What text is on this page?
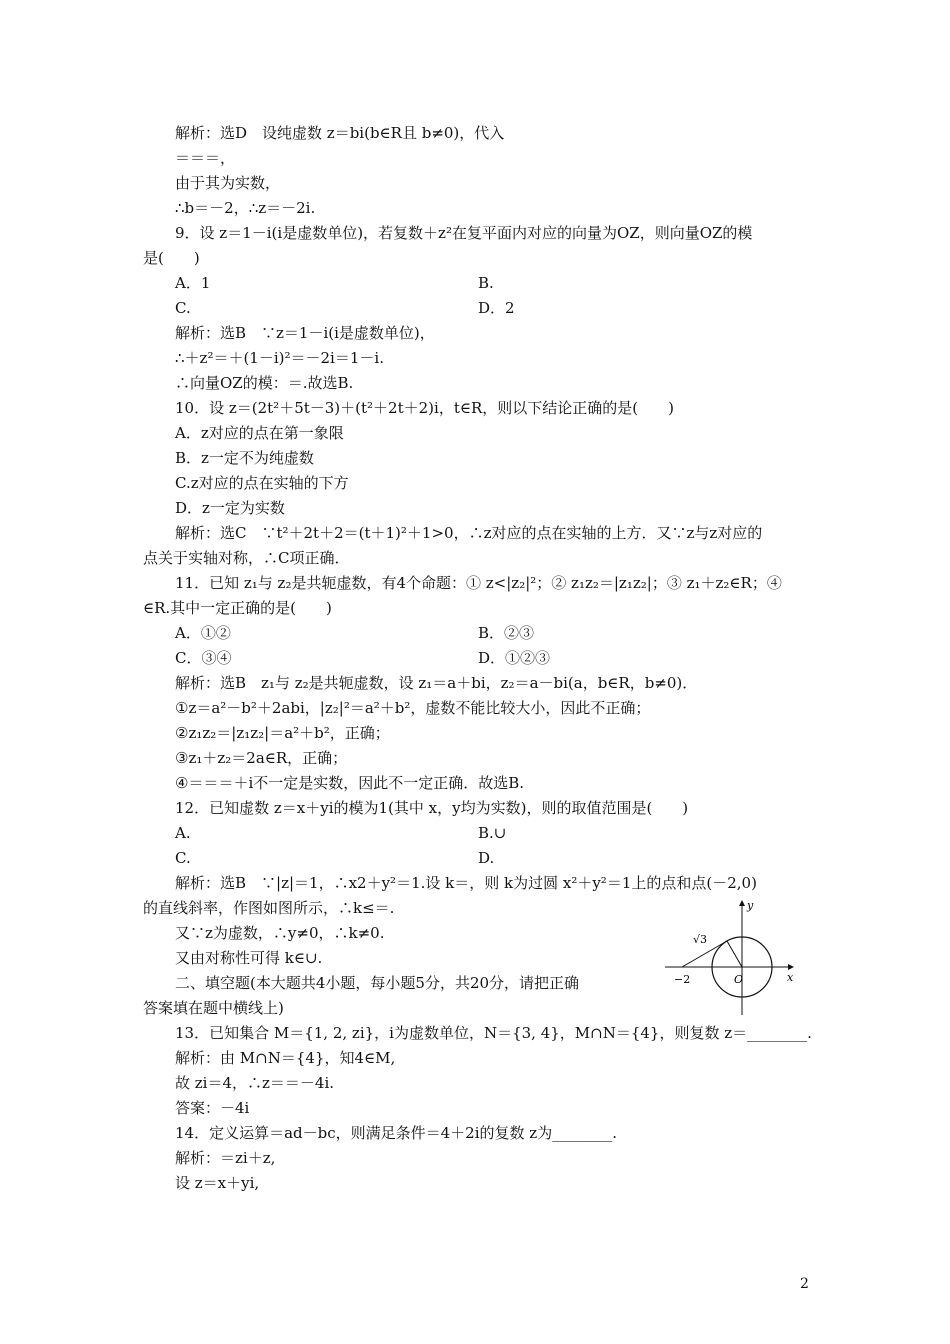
解析：选D　设纯虚数 z＝bi(b∈R且 b≠0)，代入
＝＝＝，
由于其为实数，
∴b＝－2，∴z＝－2i.
9．设 z＝1－i(i是虚数单位)，若复数＋z²在复平面内对应的向量为OZ，则向量OZ的模
是(　　)
A．1	B.
C.	D．2
解析：选B　∵z＝1－i(i是虚数单位)，
∴＋z²＝＋(1－i)²＝－2i＝1－i.
∴向量OZ的模：＝.故选B.
10．设 z＝(2t²＋5t－3)＋(t²＋2t＋2)i，t∈R，则以下结论正确的是(　　)
A．z对应的点在第一象限
B．z一定不为纯虚数
C.z对应的点在实轴的下方
D．z一定为实数
解析：选C　∵t²＋2t＋2＝(t＋1)²＋1>0，∴z对应的点在实轴的上方．又∵z与z对应的
点关于实轴对称，∴C项正确．
11．已知 z₁与 z₂是共轭虚数，有4个命题：① z<|z₂|²；② z₁z₂＝|z₁z₂|；③ z₁＋z₂∈R；④
∈R.其中一定正确的是(　　)
A．①②	B．②③
C．③④	D．①②③
解析：选B　z₁与 z₂是共轭虚数，设 z₁＝a＋bi，z₂＝a－bi(a，b∈R，b≠0)．
①z＝a²－b²＋2abi，|z₂|²＝a²＋b²，虚数不能比较大小，因此不正确；
②z₁z₂＝|z₁z₂|＝a²＋b²，正确；
③z₁＋z₂＝2a∈R，正确；
④＝＝＝＋i不一定是实数，因此不一定正确．故选B.
12．已知虚数 z＝x＋yi的模为1(其中 x，y均为实数)，则的取值范围是(　　)
A.	B.∪
C.	D.
解析：选B　∵|z|＝1，∴x2＋y²＝1.设 k＝，则 k为过圆 x²＋y²＝1上的点和点(－2,0)
的直线斜率，作图如图所示，∴k≤＝.
又∵z为虚数，∴y≠0，∴k≠0.
又由对称性可得 k∈∪.
二、填空题(本大题共4小题，每小题5分，共20分，请把正确
答案填在题中横线上)
13．已知集合 M＝{1, 2, zi}，i为虚数单位，N＝{3, 4}，M∩N＝{4}，则复数 z＝________.
解析：由 M∩N＝{4}，知4∈M,
故 zi＝4，∴z＝＝－4i.
答案：－4i
14．定义运算＝ad－bc，则满足条件＝4＋2i的复数 z为________.
解析：＝zi＋z,
设 z＝x＋yi,
y
x
O
−2
√3
2
